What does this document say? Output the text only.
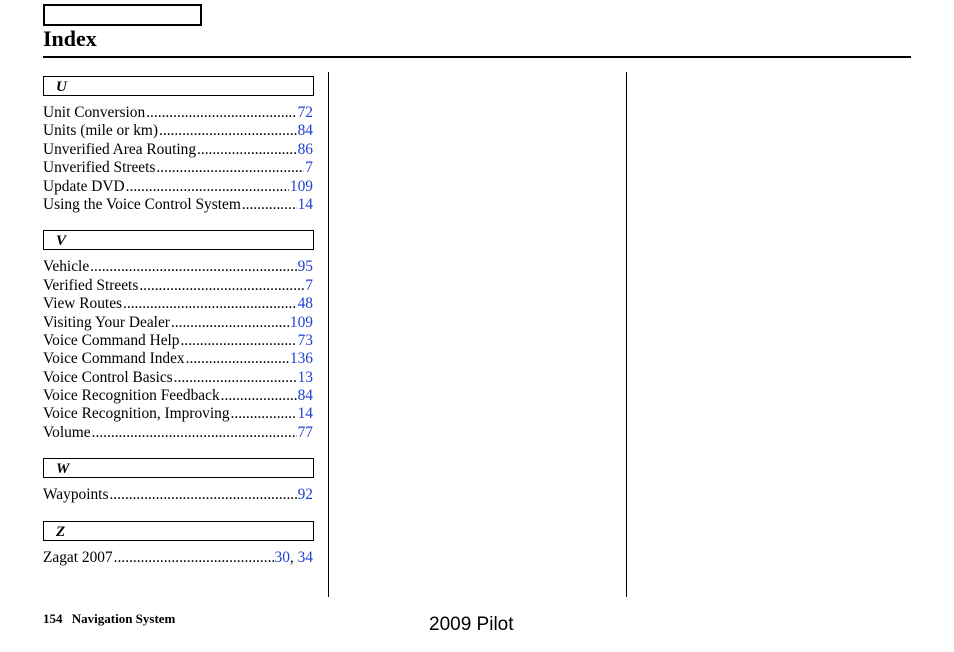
Index
U
Unit Conversion .....	72
Units (mile or km) .....	84
Unverified Area Routing .....	86
Unverified Streets .....	7
Update DVD .....	109
Using the Voice Control System .....	14
V
Vehicle .....	95
Verified Streets .....	7
View Routes .....	48
Visiting Your Dealer .....	109
Voice Command Help .....	73
Voice Command Index .....	136
Voice Control Basics .....	13
Voice Recognition Feedback .....	84
Voice Recognition, Improving .....	14
Volume .....	77
W
Waypoints .....	92
Z
Zagat 2007 .....	30, 34
154 Navigation System	2009 Pilot
